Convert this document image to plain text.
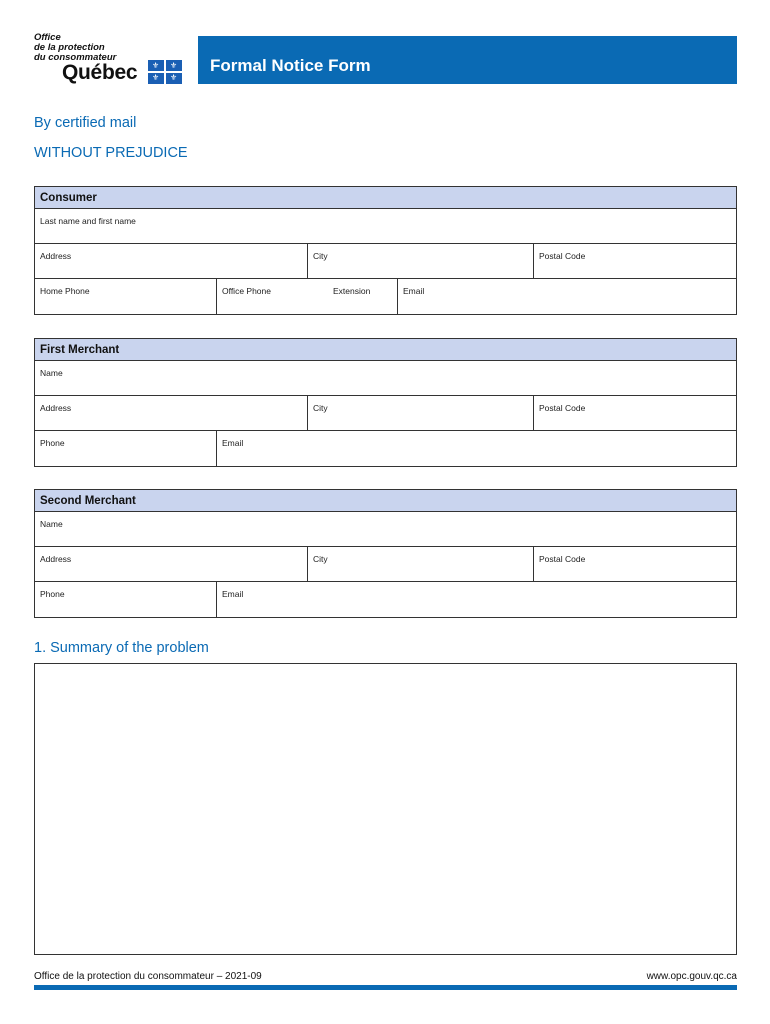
Office
de la protection
du consommateur
Québec ⚜ ⚜
⚜ ⚜
Formal Notice Form
By certified mail
WITHOUT PREJUDICE
Consumer
Last name and first name
Address	City	Postal Code
Home Phone	Office Phone	Extension	Email
First Merchant
Name
Address	City	Postal Code
Phone	Email
Second Merchant
Name
Address	City	Postal Code
Phone	Email
1. Summary of the problem
Office de la protection du consommateur – 2021-09	www.opc.gouv.qc.ca
